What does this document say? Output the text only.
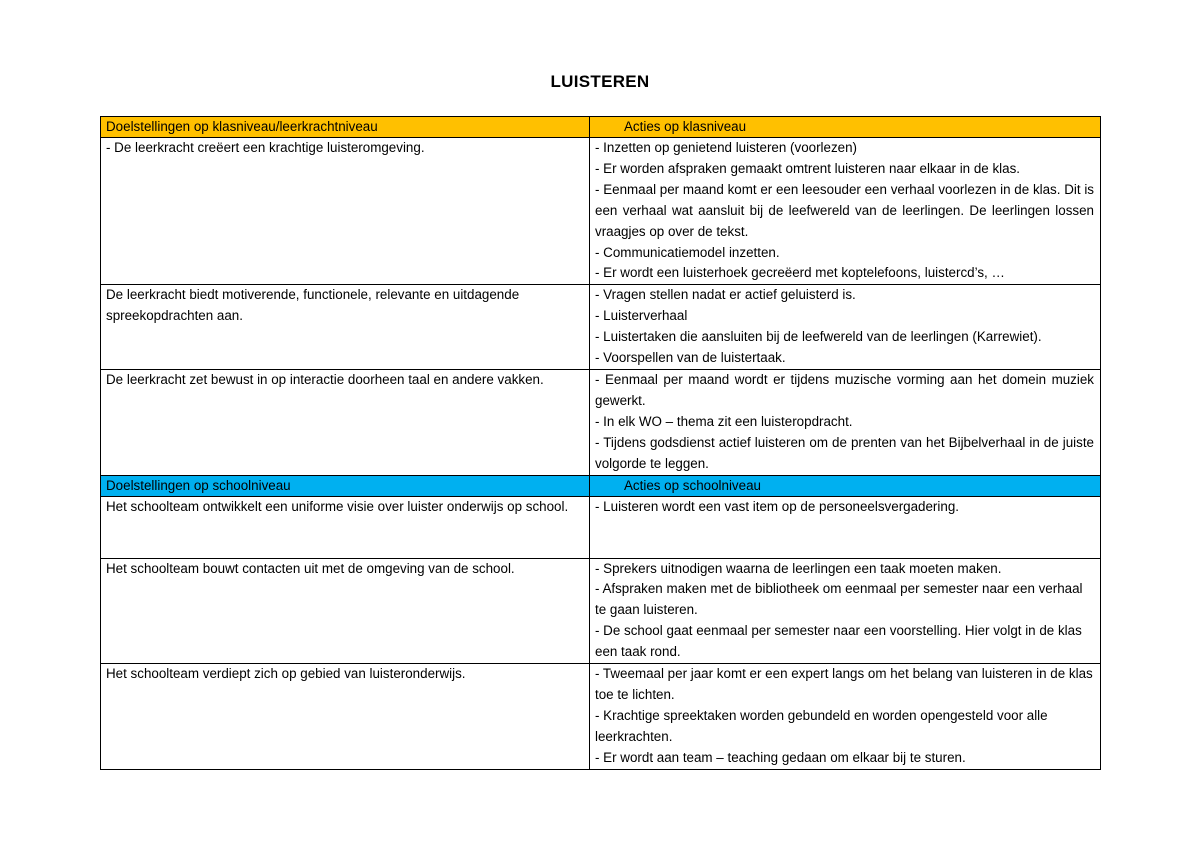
LUISTEREN
Doelstellingen op klasniveau/leerkrachtniveau	Acties op klasniveau
- De leerkracht creëert een krachtige luisteromgeving.	- Inzetten op genietend luisteren (voorlezen)
- Er worden afspraken gemaakt omtrent luisteren naar elkaar in de klas.
- Eenmaal per maand komt er een leesouder een verhaal voorlezen in de klas. Dit is een verhaal wat aansluit bij de leefwereld van de leerlingen. De leerlingen lossen vraagjes op over de tekst.
- Communicatiemodel inzetten.
- Er wordt een luisterhoek gecreëerd met koptelefoons, luistercd’s, …

De leerkracht biedt motiverende, functionele, relevante en uitdagende spreekopdrachten aan.	- Vragen stellen nadat er actief geluisterd is.
- Luisterverhaal
- Luistertaken die aansluiten bij de leefwereld van de leerlingen (Karrewiet).
- Voorspellen van de luistertaak.

De leerkracht zet bewust in op interactie doorheen taal en andere vakken.	- Eenmaal per maand wordt er tijdens muzische vorming aan het domein muziek gewerkt.
- In elk WO – thema zit een luisteropdracht.
- Tijdens godsdienst actief luisteren om de prenten van het Bijbelverhaal in de juiste volgorde te leggen.

Doelstellingen op schoolniveau	Acties op schoolniveau
Het schoolteam ontwikkelt een uniforme visie over luister onderwijs op school.	- Luisteren wordt een vast item op de personeelsvergadering.

Het schoolteam bouwt contacten uit met de omgeving van de school.	- Sprekers uitnodigen waarna de leerlingen een taak moeten maken.
- Afspraken maken met de bibliotheek om eenmaal per semester naar een verhaal te gaan luisteren.
- De school gaat eenmaal per semester naar een voorstelling. Hier volgt in de klas een taak rond.

Het schoolteam verdiept zich op gebied van luisteronderwijs.	- Tweemaal per jaar komt er een expert langs om het belang van luisteren in de klas toe te lichten.
- Krachtige spreektaken worden gebundeld en worden opengesteld voor alle leerkrachten.
- Er wordt aan team – teaching gedaan om elkaar bij te sturen.
